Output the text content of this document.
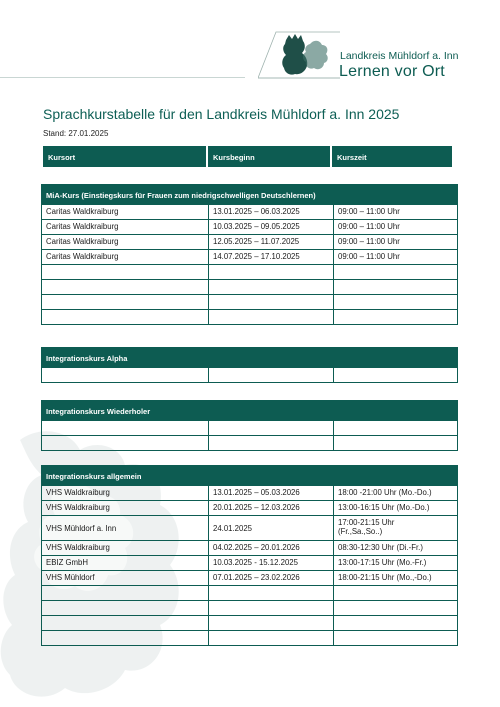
Landkreis Mühldorf a. Inn
Lernen vor Ort
Sprachkurstabelle für den Landkreis Mühldorf a. Inn 2025
Stand: 27.01.2025
Kursort	Kursbeginn	Kurszeit
MiA-Kurs (Einstiegskurs für Frauen zum niedrigschwelligen Deutschlernen)
Caritas Waldkraiburg	13.01.2025 – 06.03.2025	09:00 – 11:00 Uhr
Caritas Waldkraiburg	10.03.2025 – 09.05.2025	09:00 – 11:00 Uhr
Caritas Waldkraiburg	12.05.2025 – 11.07.2025	09:00 – 11:00 Uhr
Caritas Waldkraiburg	14.07.2025 – 17.10.2025	09:00 – 11:00 Uhr
Integrationskurs Alpha
Integrationskurs Wiederholer
Integrationskurs allgemein
VHS Waldkraiburg	13.01.2025 – 05.03.2026	18:00 -21:00 Uhr (Mo.-Do.)
VHS Waldkraiburg	20.01.2025 – 12.03.2026	13:00-16:15 Uhr (Mo.-Do.)
VHS Mühldorf a. Inn	24.01.2025
17:00-21:15 Uhr
(Fr.,Sa.,So..)
VHS Waldkraiburg	04.02.2025 – 20.01.2026	08:30-12:30 Uhr (Di.-Fr.)
EBIZ GmbH	10.03.2025 - 15.12.2025	13:00-17:15 Uhr (Mo.-Fr.)
VHS Mühldorf	07.01.2025 – 23.02.2026	18:00-21:15 Uhr (Mo.,-Do.)
